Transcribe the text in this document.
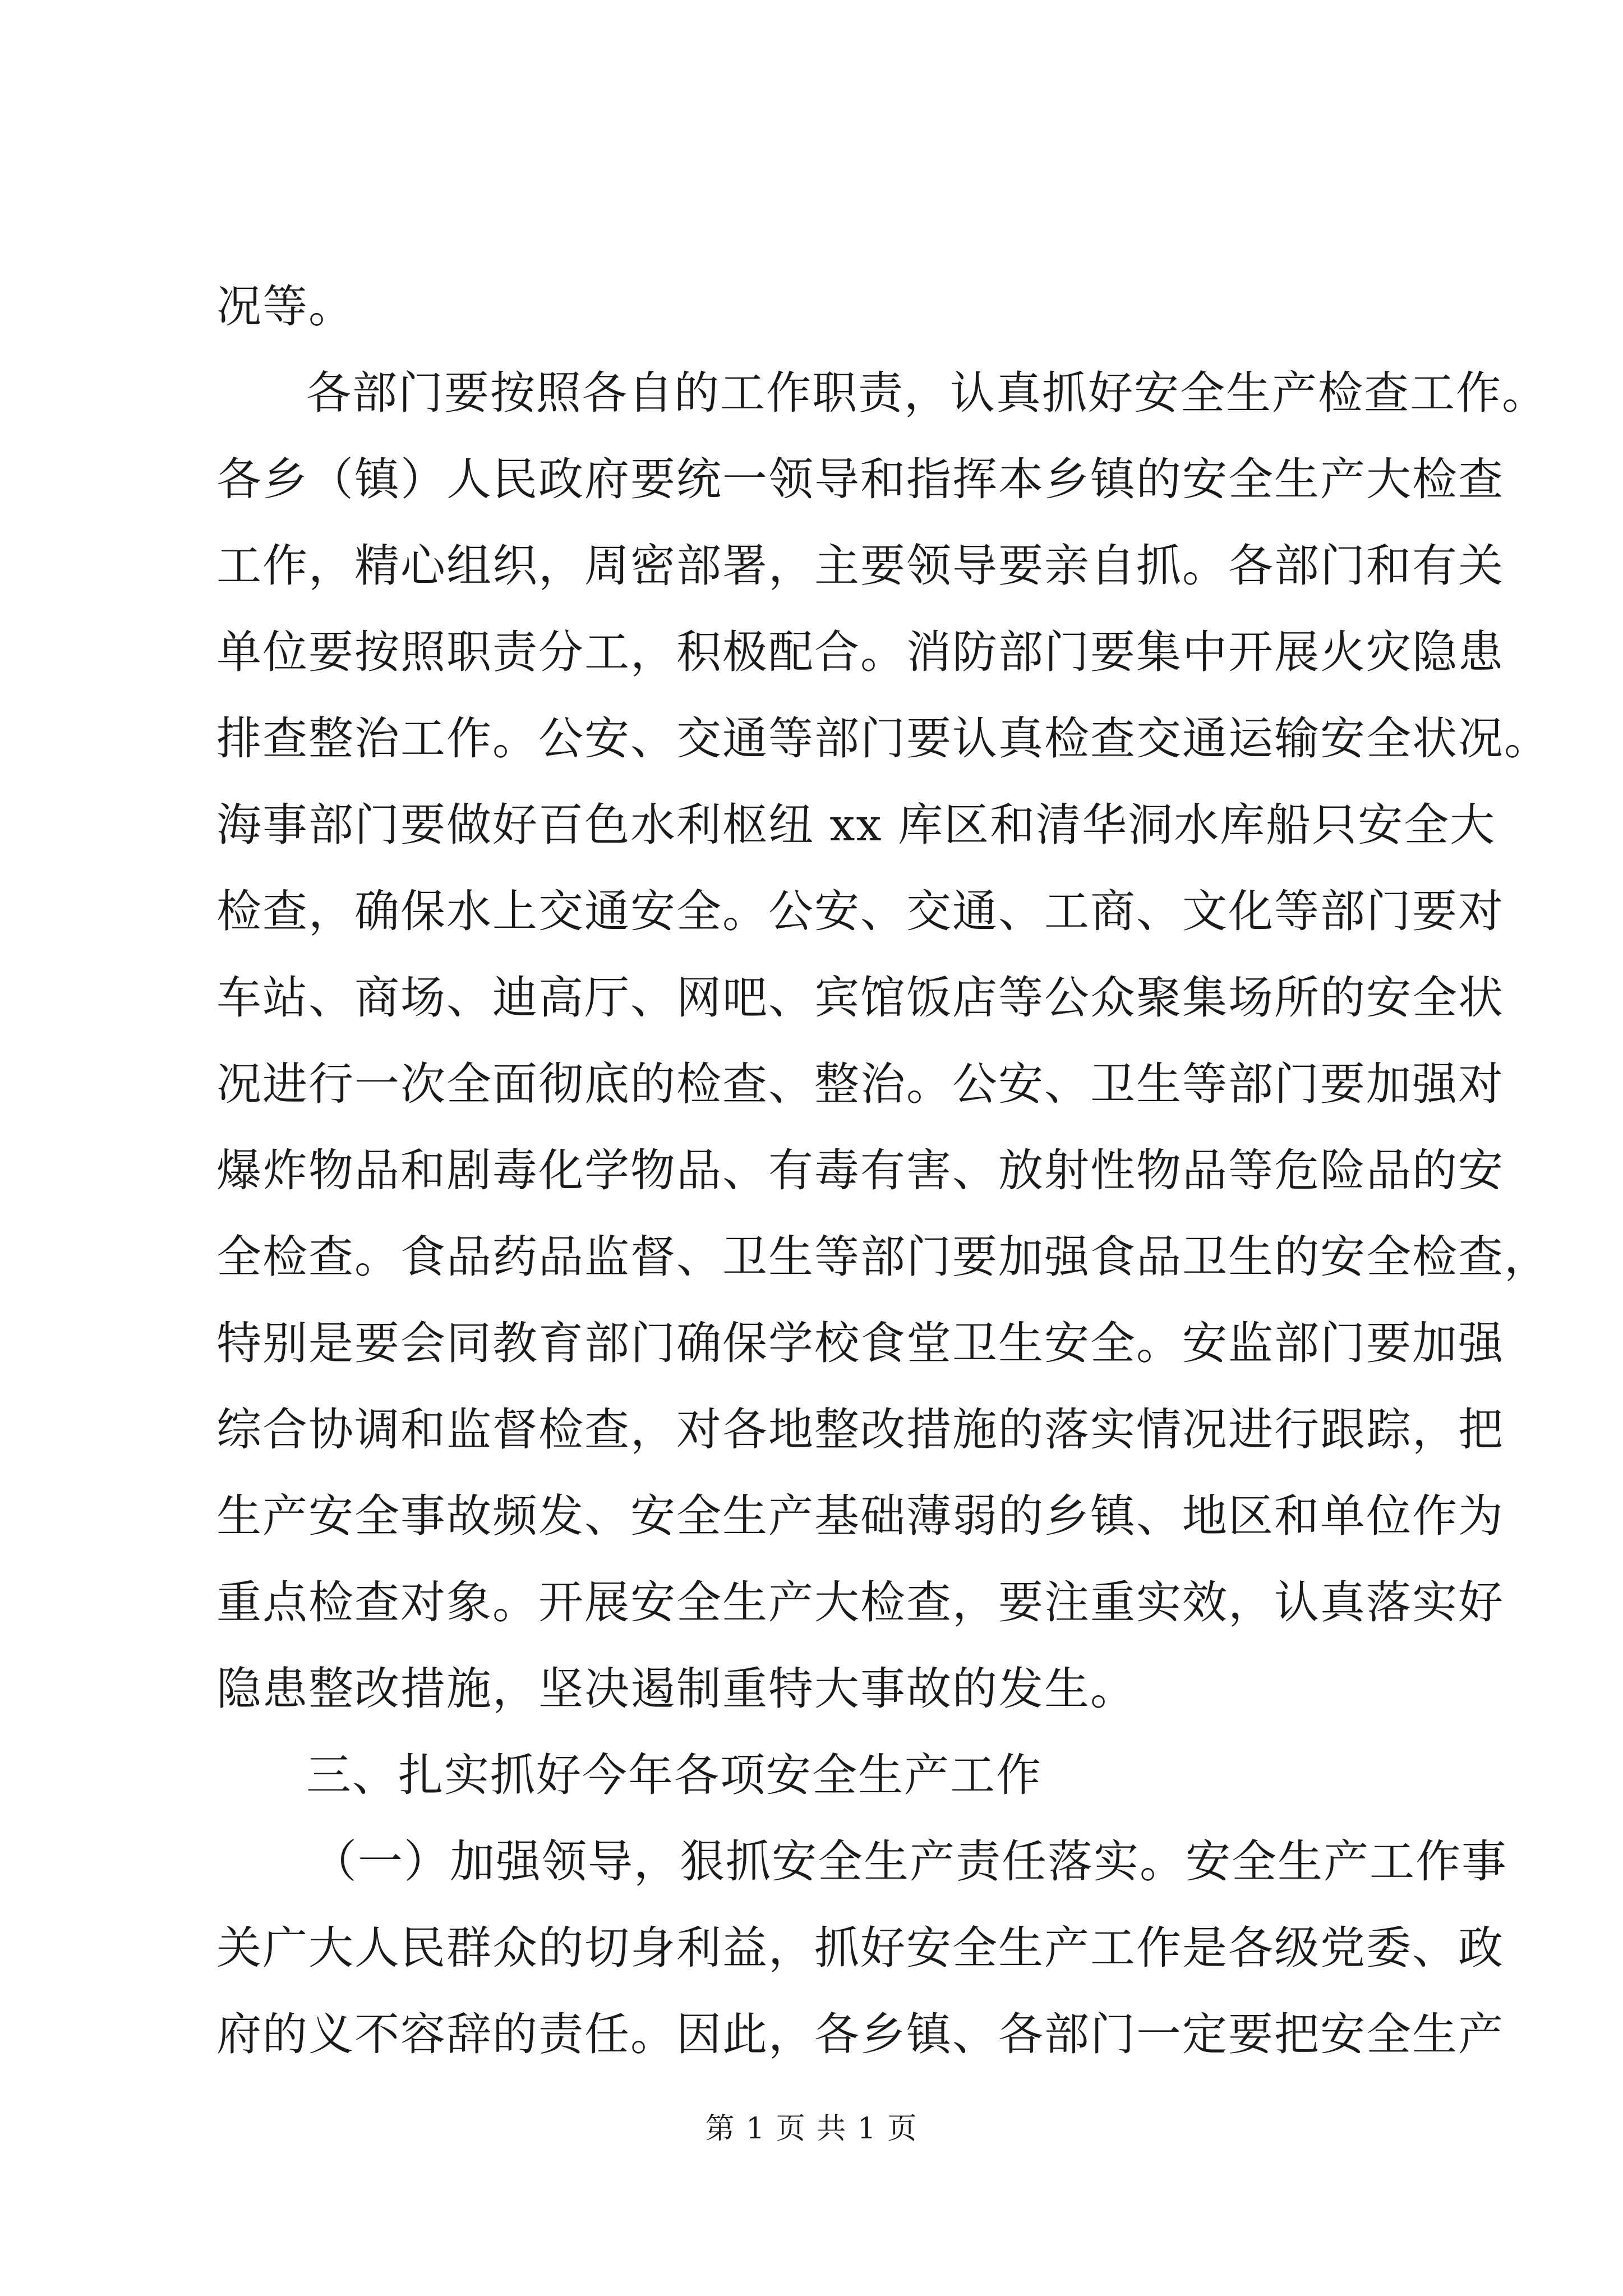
况等。
各部门要按照各自的工作职责，认真抓好安全生产检查工作。
各乡（镇）人民政府要统一领导和指挥本乡镇的安全生产大检查
工作，精心组织，周密部署，主要领导要亲自抓。各部门和有关
单位要按照职责分工，积极配合。消防部门要集中开展火灾隐患
排查整治工作。公安、交通等部门要认真检查交通运输安全状况。
海事部门要做好百色水利枢纽 xx 库区和清华洞水库船只安全大
检查，确保水上交通安全。公安、交通、工商、文化等部门要对
车站、商场、迪高厅、网吧、宾馆饭店等公众聚集场所的安全状
况进行一次全面彻底的检查、整治。公安、卫生等部门要加强对
爆炸物品和剧毒化学物品、有毒有害、放射性物品等危险品的安
全检查。食品药品监督、卫生等部门要加强食品卫生的安全检查，
特别是要会同教育部门确保学校食堂卫生安全。安监部门要加强
综合协调和监督检查，对各地整改措施的落实情况进行跟踪，把
生产安全事故频发、安全生产基础薄弱的乡镇、地区和单位作为
重点检查对象。开展安全生产大检查，要注重实效，认真落实好
隐患整改措施，坚决遏制重特大事故的发生。
三、扎实抓好今年各项安全生产工作
（一）加强领导，狠抓安全生产责任落实。安全生产工作事
关广大人民群众的切身利益，抓好安全生产工作是各级党委、政
府的义不容辞的责任。因此，各乡镇、各部门一定要把安全生产
第 1 页 共 1 页
